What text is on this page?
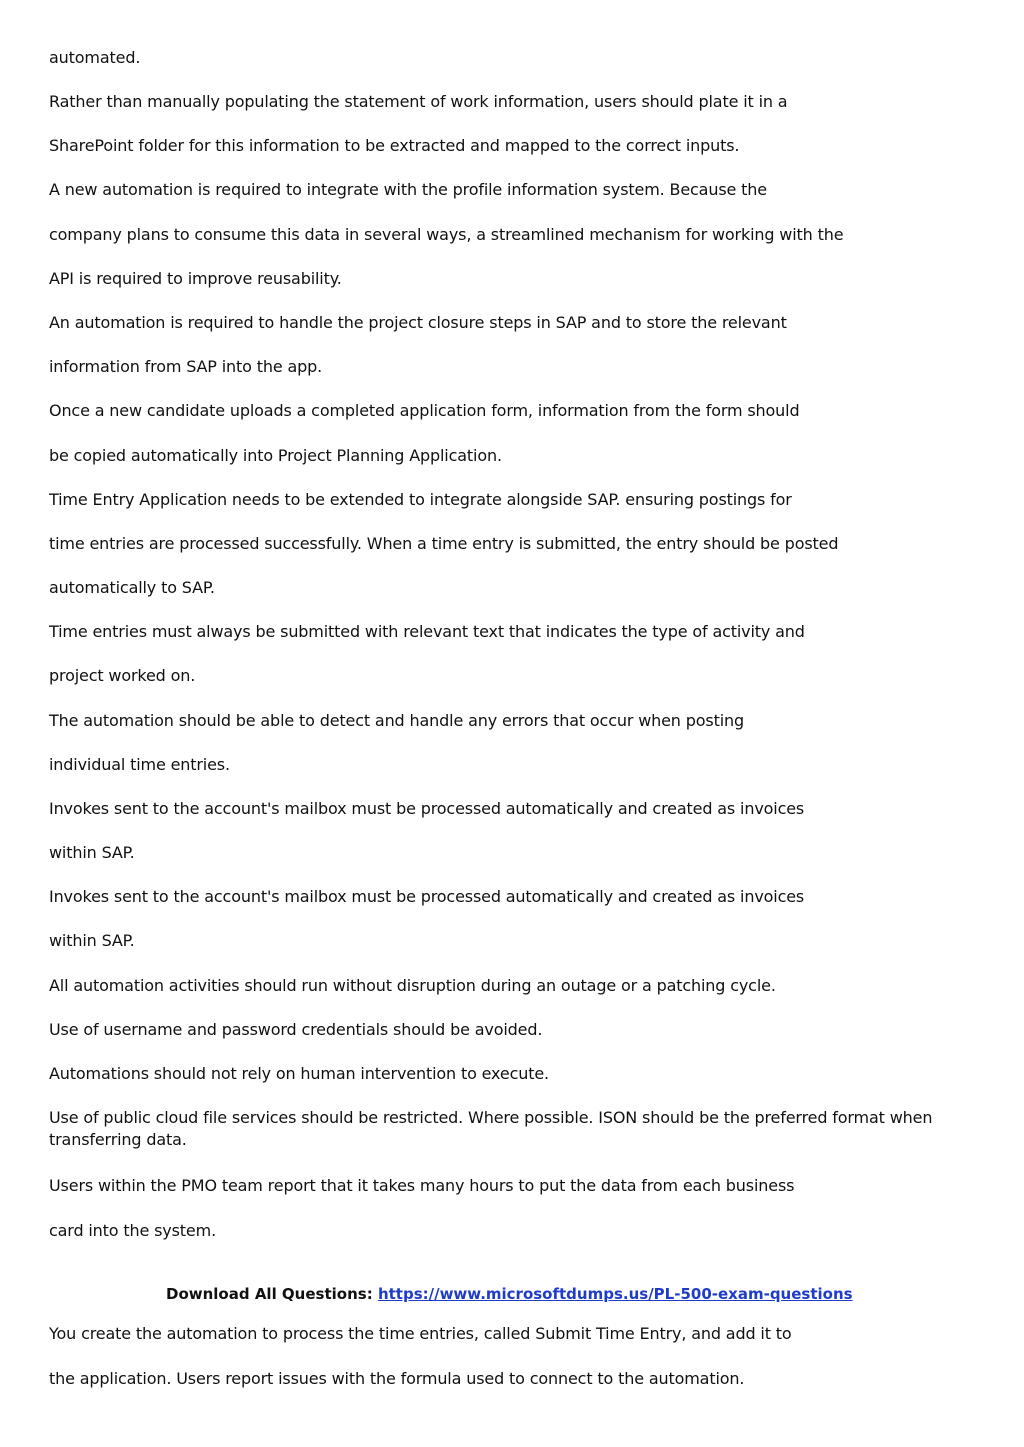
automated.
Rather than manually populating the statement of work information, users should plate it in a
SharePoint folder for this information to be extracted and mapped to the correct inputs.
A new automation is required to integrate with the profile information system. Because the
company plans to consume this data in several ways, a streamlined mechanism for working with the
API is required to improve reusability.
An automation is required to handle the project closure steps in SAP and to store the relevant
information from SAP into the app.
Once a new candidate uploads a completed application form, information from the form should
be copied automatically into Project Planning Application.
Time Entry Application needs to be extended to integrate alongside SAP. ensuring postings for
time entries are processed successfully. When a time entry is submitted, the entry should be posted
automatically to SAP.
Time entries must always be submitted with relevant text that indicates the type of activity and
project worked on.
The automation should be able to detect and handle any errors that occur when posting
individual time entries.
Invokes sent to the account's mailbox must be processed automatically and created as invoices
within SAP.
Invokes sent to the account's mailbox must be processed automatically and created as invoices
within SAP.
All automation activities should run without disruption during an outage or a patching cycle.
Use of username and password credentials should be avoided.
Automations should not rely on human intervention to execute.
Use of public cloud file services should be restricted. Where possible. ISON should be the preferred format when transferring data.
Users within the PMO team report that it takes many hours to put the data from each business
card into the system.
Download All Questions: https://www.microsoftdumps.us/PL-500-exam-questions
You create the automation to process the time entries, called Submit Time Entry, and add it to
the application. Users report issues with the formula used to connect to the automation.
